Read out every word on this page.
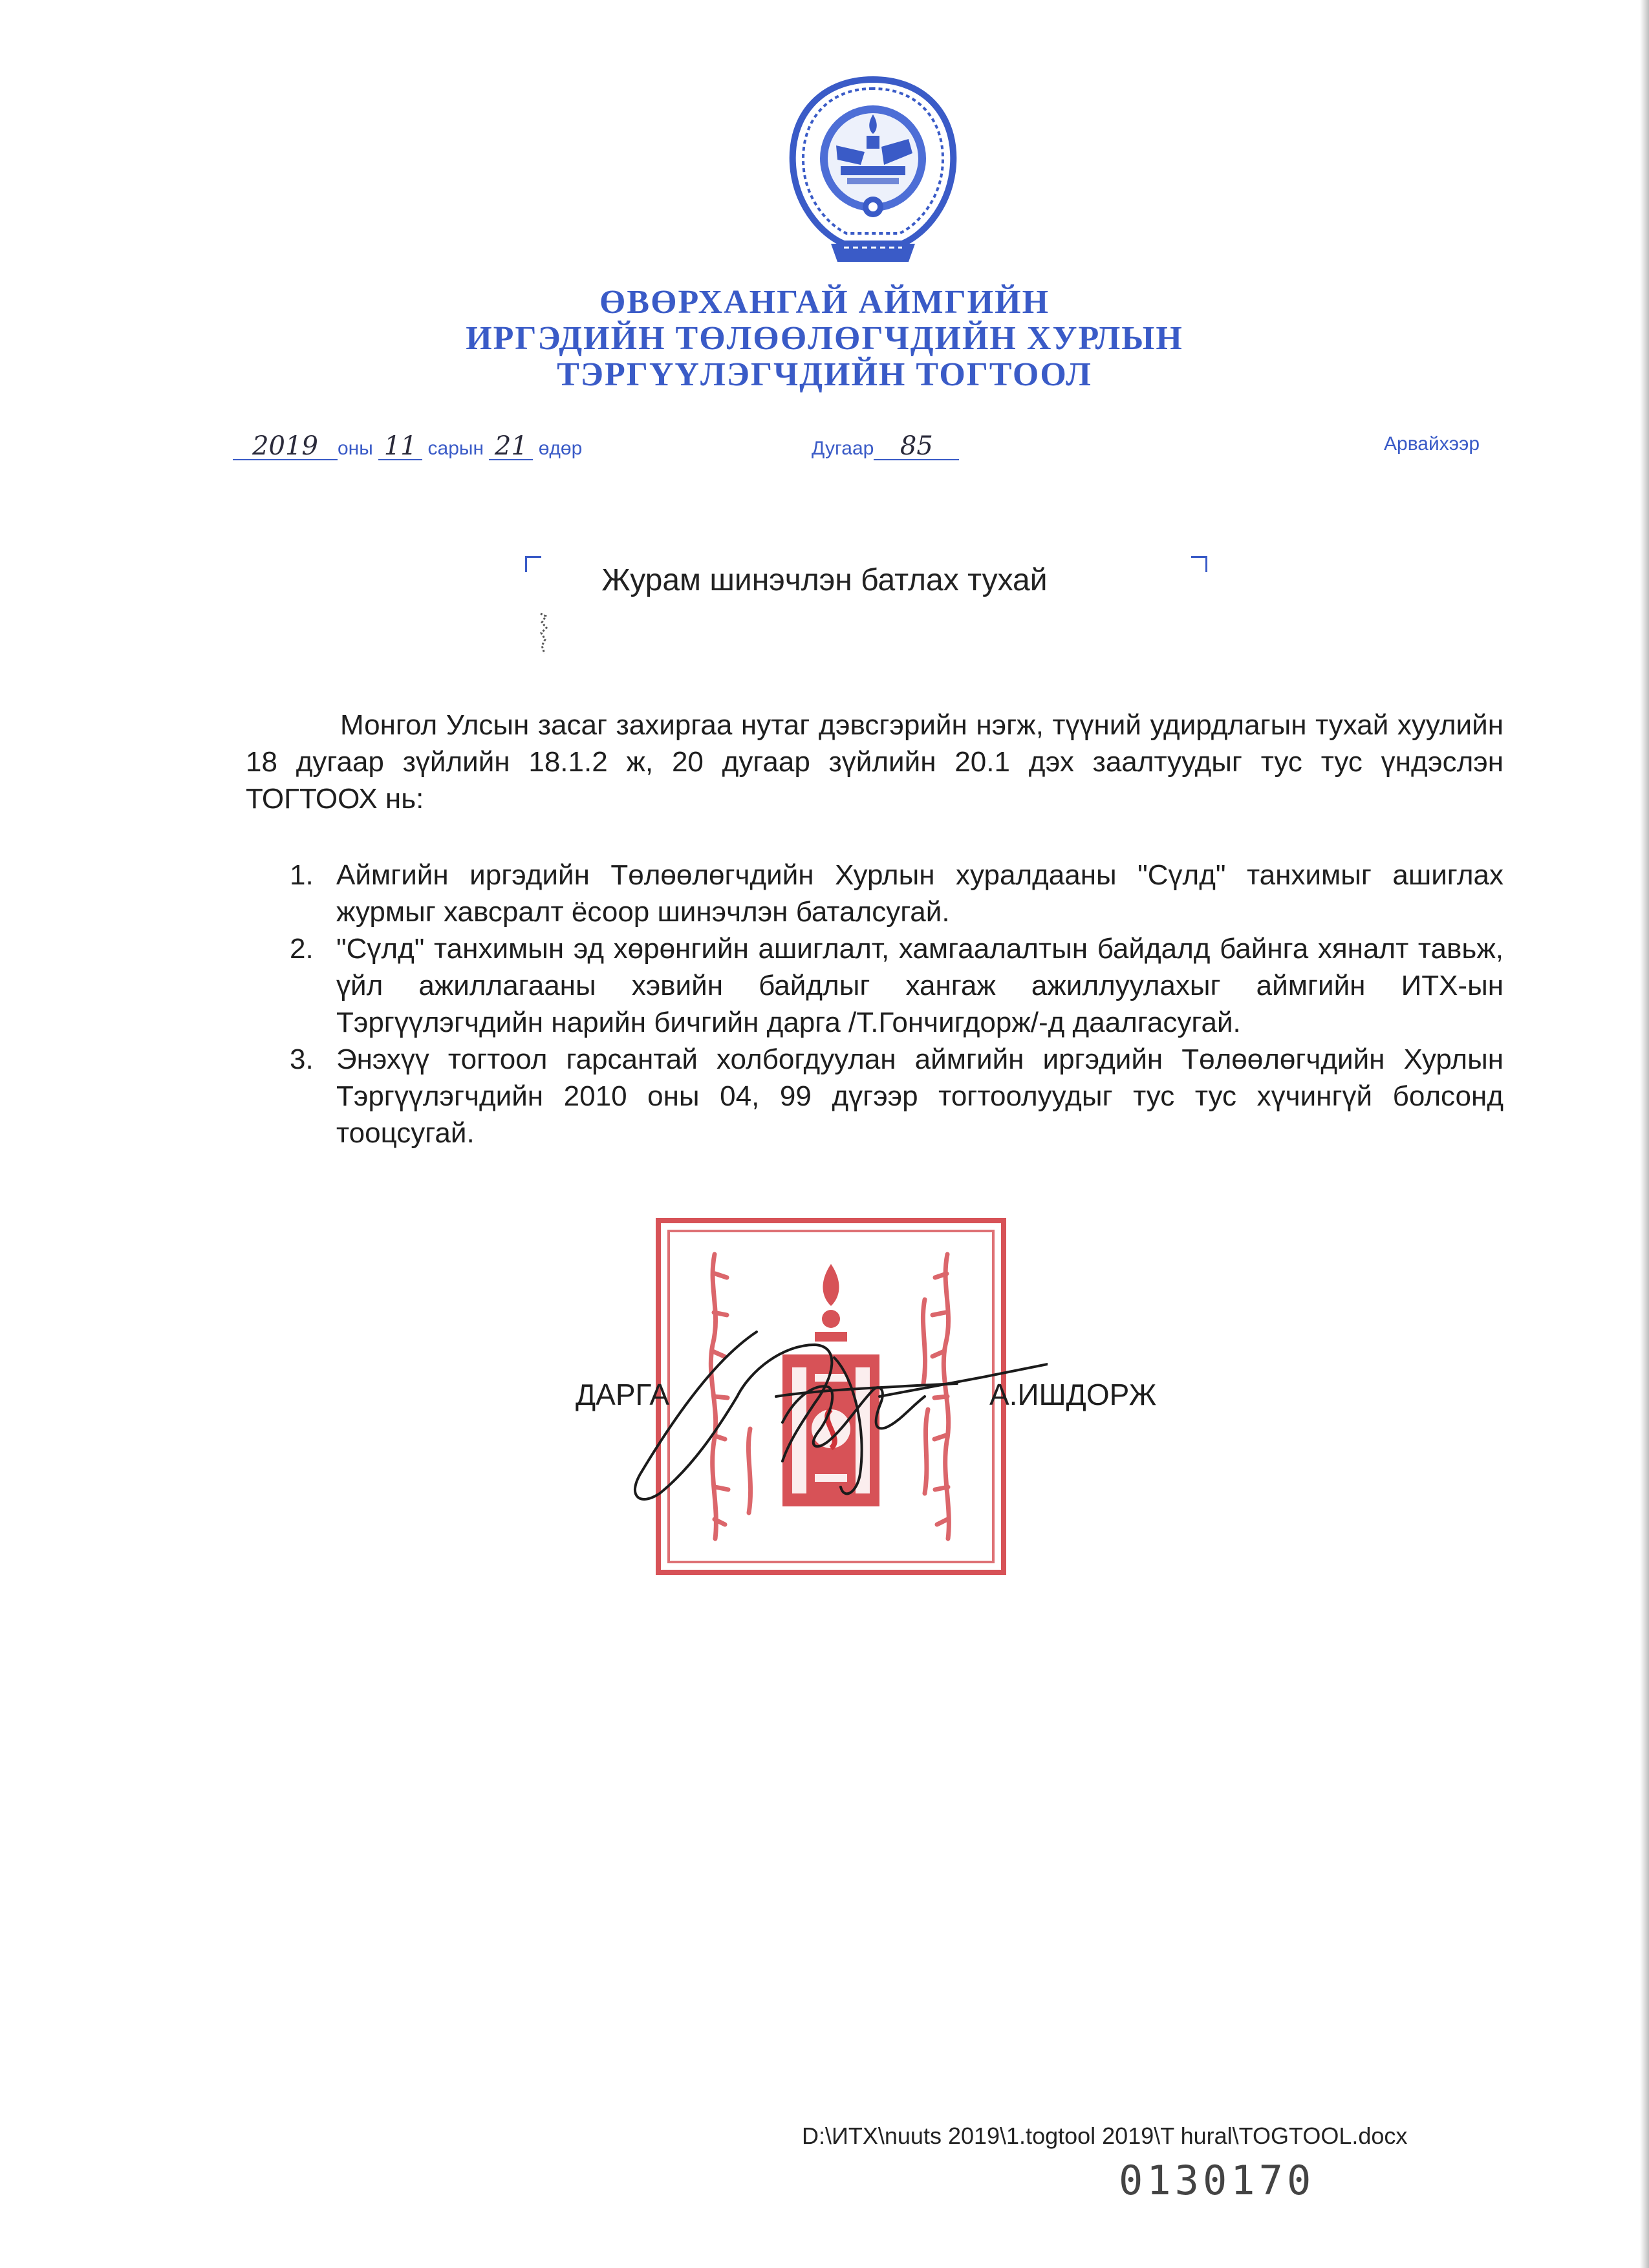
ӨВӨРХАНГАЙ АЙМГИЙН
ИРГЭДИЙН ТӨЛӨӨЛӨГЧДИЙН ХУРЛЫН
ТЭРГҮҮЛЭГЧДИЙН ТОГТООЛ
2019 оны 11 сарын 21 өдөр	Дугаар 85	Арвайхээр
Журам шинэчлэн батлах тухай
Монгол Улсын засаг захиргаа нутаг дэвсгэрийн нэгж, түүний удирдлагын тухай хуулийн 18 дугаар зүйлийн 18.1.2 ж, 20 дугаар зүйлийн 20.1 дэх заалтуудыг тус тус үндэслэн ТОГТООХ нь:
1. Аймгийн иргэдийн Төлөөлөгчдийн Хурлын хуралдааны "Сүлд" танхимыг ашиглах журмыг хавсралт ёсоор шинэчлэн баталсугай.
2. "Сүлд" танхимын эд хөрөнгийн ашиглалт, хамгаалалтын байдалд байнга хяналт тавьж, үйл ажиллагааны хэвийн байдлыг хангаж ажиллуулахыг аймгийн ИТХ-ын Тэргүүлэгчдийн нарийн бичгийн дарга /Т.Гончигдорж/-д даалгасугай.
3. Энэхүү тогтоол гарсантай холбогдуулан аймгийн иргэдийн Төлөөлөгчдийн Хурлын Тэргүүлэгчдийн 2010 оны 04, 99 дүгээр тогтоолуудыг тус тус хүчингүй болсонд тооцсугай.
ДАРГА	А.ИШДОРЖ
D:\ИТХ\nuuts 2019\1.togtool 2019\T hural\TOGTOOL.docx
0130170
